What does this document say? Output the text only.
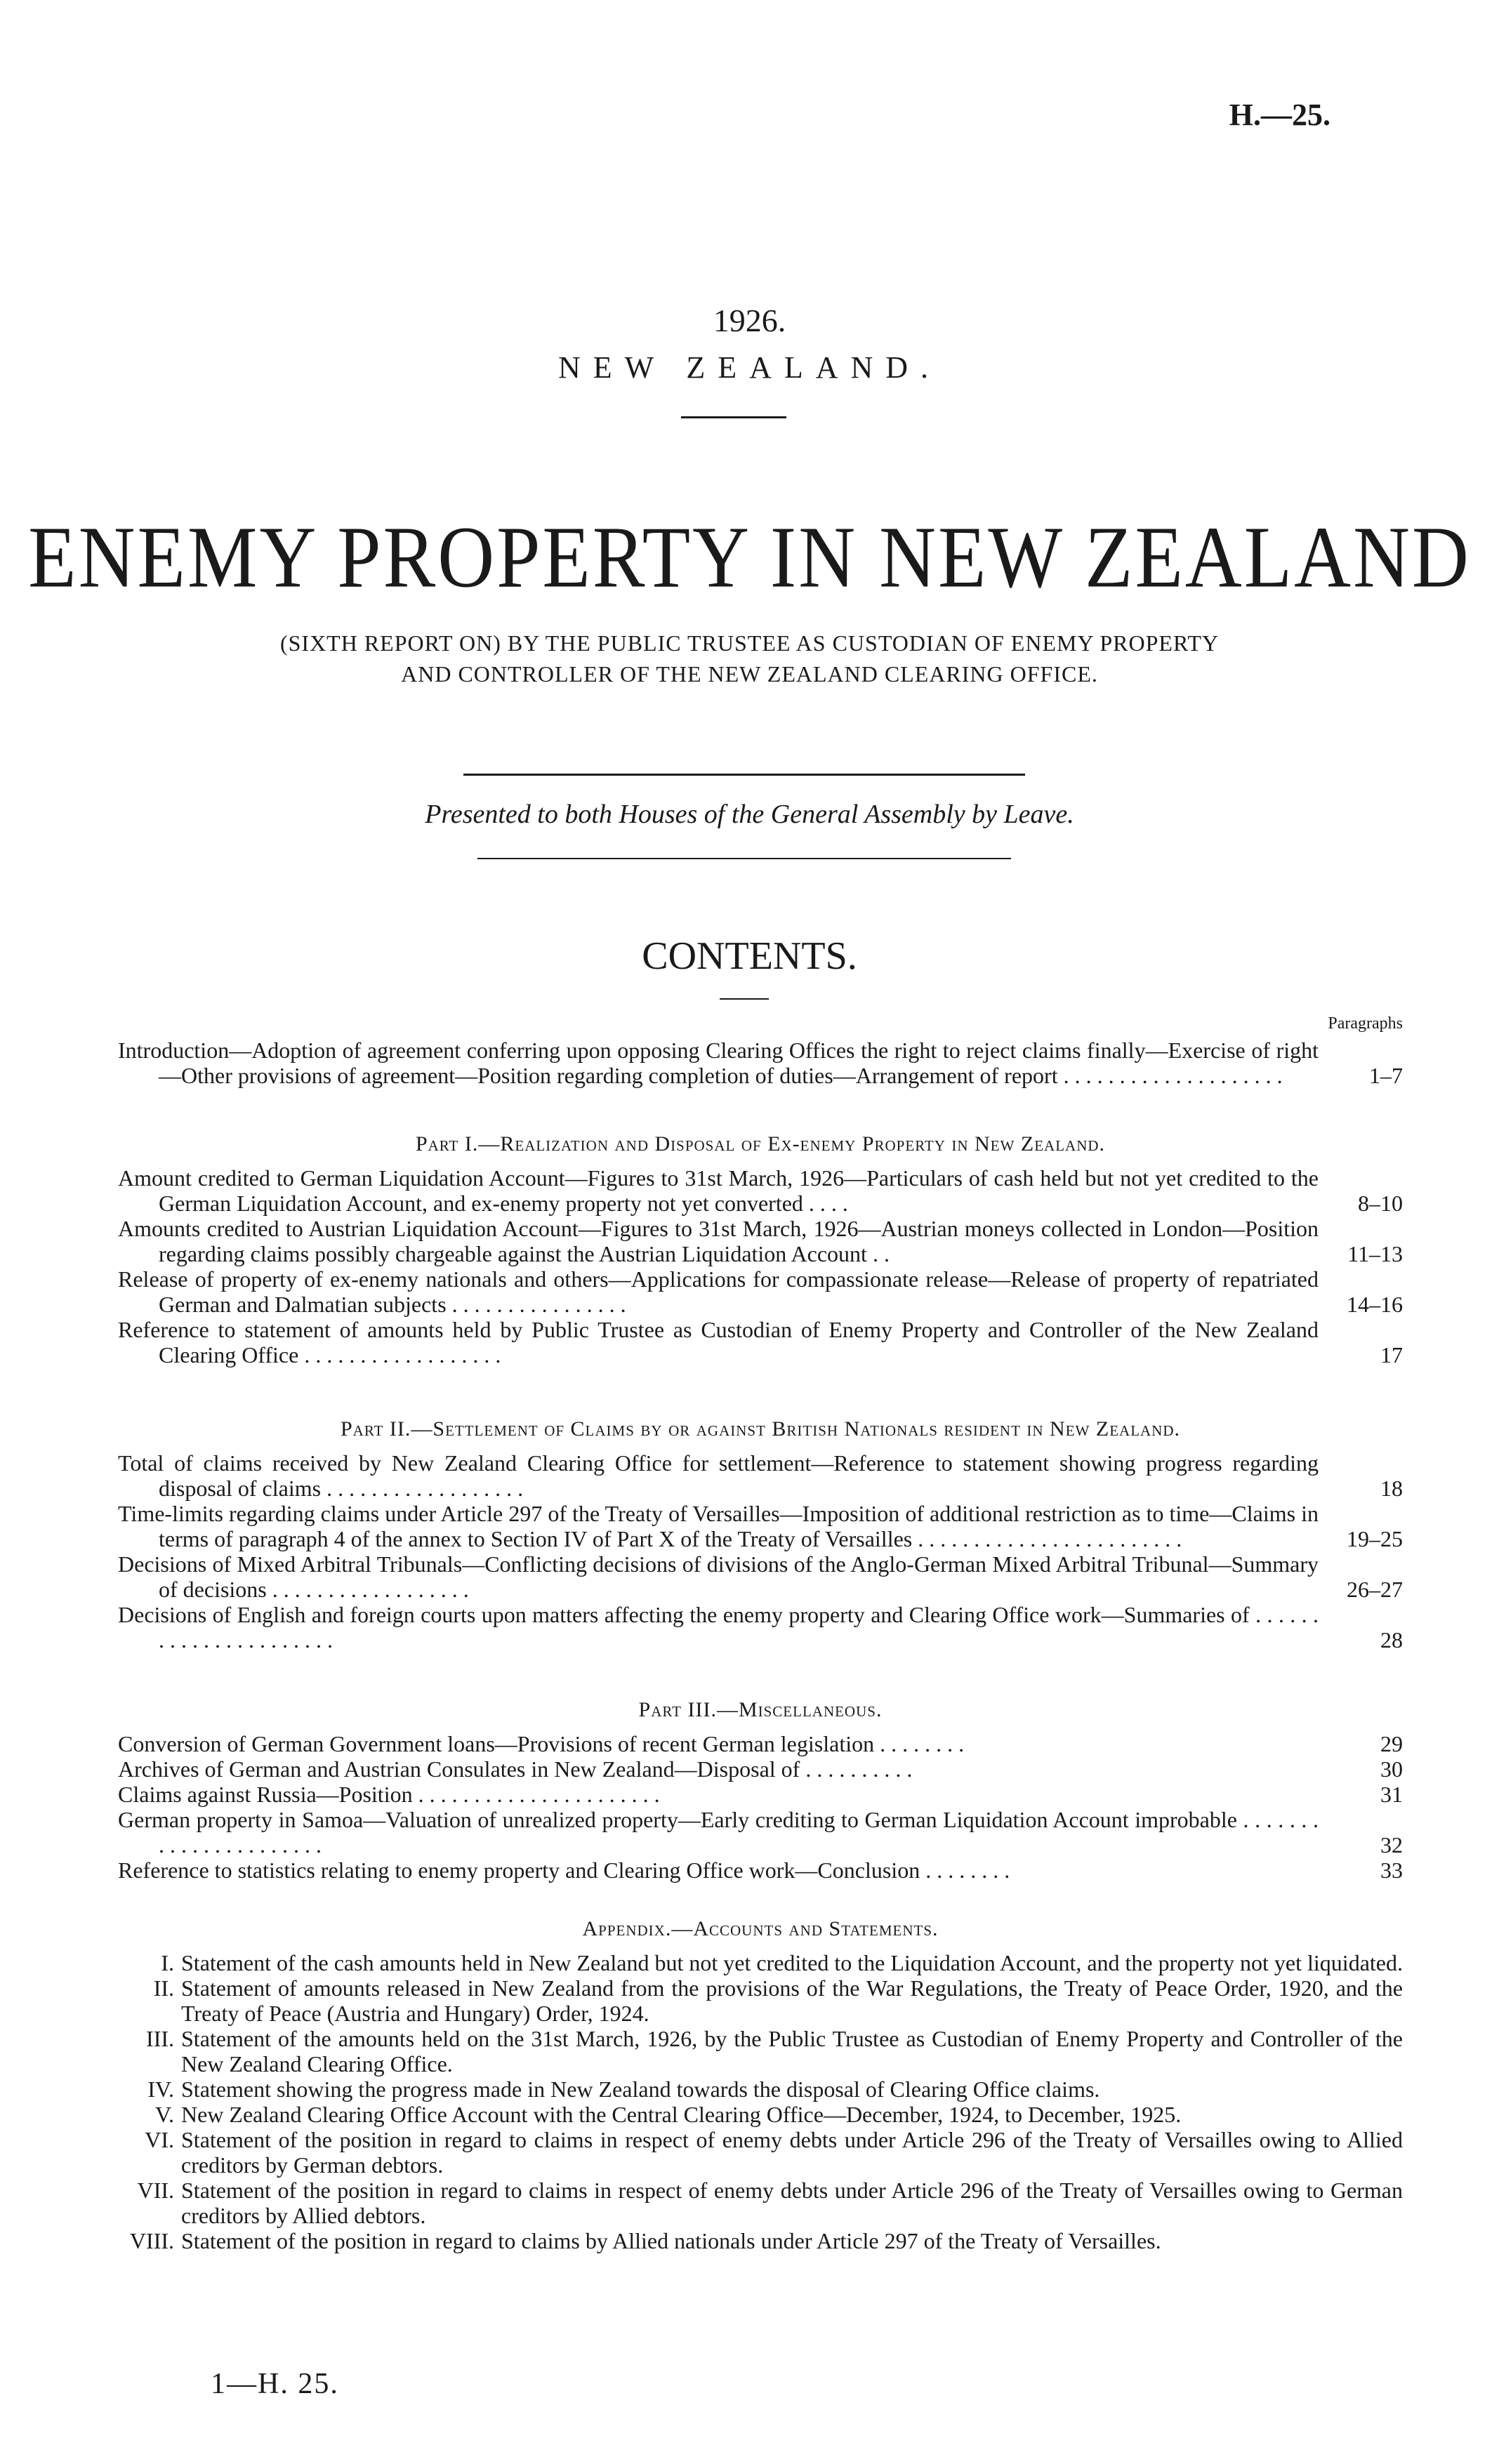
H.—25.
1926.
NEW ZEALAND.
ENEMY PROPERTY IN NEW ZEALAND
(SIXTH REPORT ON) BY THE PUBLIC TRUSTEE AS CUSTODIAN OF ENEMY PROPERTY
AND CONTROLLER OF THE NEW ZEALAND CLEARING OFFICE.
Presented to both Houses of the General Assembly by Leave.
CONTENTS.
Paragraphs
Introduction—Adoption of agreement conferring upon opposing Clearing Offices the right to reject claims finally—Exercise of right—Other provisions of agreement—Position regarding completion of duties—Arrangement of report . . . . . . . . . . . . . . . . . . . .	1–7
Part I.—Realization and Disposal of Ex-enemy Property in New Zealand.
Amount credited to German Liquidation Account—Figures to 31st March, 1926—Particulars of cash held but not yet credited to the German Liquidation Account, and ex-enemy property not yet converted . . . .	8–10
Amounts credited to Austrian Liquidation Account—Figures to 31st March, 1926—Austrian moneys collected in London—Position regarding claims possibly chargeable against the Austrian Liquidation Account . .	11–13
Release of property of ex-enemy nationals and others—Applications for compassionate release—Release of property of repatriated German and Dalmatian subjects . . . . . . . . . . . . . . . .	14–16
Reference to statement of amounts held by Public Trustee as Custodian of Enemy Property and Controller of the New Zealand Clearing Office . . . . . . . . . . . . . . . . . .	17
Part II.—Settlement of Claims by or against British Nationals resident in New Zealand.
Total of claims received by New Zealand Clearing Office for settlement—Reference to statement showing progress regarding disposal of claims . . . . . . . . . . . . . . . . . .	18
Time-limits regarding claims under Article 297 of the Treaty of Versailles—Imposition of additional restriction as to time—Claims in terms of paragraph 4 of the annex to Section IV of Part X of the Treaty of Versailles . . . . . . . . . . . . . . . . . . . . . . . .	19–25
Decisions of Mixed Arbitral Tribunals—Conflicting decisions of divisions of the Anglo-German Mixed Arbitral Tribunal—Summary of decisions . . . . . . . . . . . . . . . . . .	26–27
Decisions of English and foreign courts upon matters affecting the enemy property and Clearing Office work—Summaries of . . . . . . . . . . . . . . . . . . . . . .	28
Part III.—Miscellaneous.
Conversion of German Government loans—Provisions of recent German legislation . . . . . . . .	29
Archives of German and Austrian Consulates in New Zealand—Disposal of . . . . . . . . . .	30
Claims against Russia—Position . . . . . . . . . . . . . . . . . . . . . .	31
German property in Samoa—Valuation of unrealized property—Early crediting to German Liquidation Account improbable . . . . . . . . . . . . . . . . . . . . . .	32
Reference to statistics relating to enemy property and Clearing Office work—Conclusion . . . . . . . .	33
Appendix.—Accounts and Statements.
I. Statement of the cash amounts held in New Zealand but not yet credited to the Liquidation Account, and the property not yet liquidated.
II. Statement of amounts released in New Zealand from the provisions of the War Regulations, the Treaty of Peace Order, 1920, and the Treaty of Peace (Austria and Hungary) Order, 1924.
III. Statement of the amounts held on the 31st March, 1926, by the Public Trustee as Custodian of Enemy Property and Controller of the New Zealand Clearing Office.
IV. Statement showing the progress made in New Zealand towards the disposal of Clearing Office claims.
V. New Zealand Clearing Office Account with the Central Clearing Office—December, 1924, to December, 1925.
VI. Statement of the position in regard to claims in respect of enemy debts under Article 296 of the Treaty of Versailles owing to Allied creditors by German debtors.
VII. Statement of the position in regard to claims in respect of enemy debts under Article 296 of the Treaty of Versailles owing to German creditors by Allied debtors.
VIII. Statement of the position in regard to claims by Allied nationals under Article 297 of the Treaty of Versailles.
1—H. 25.
